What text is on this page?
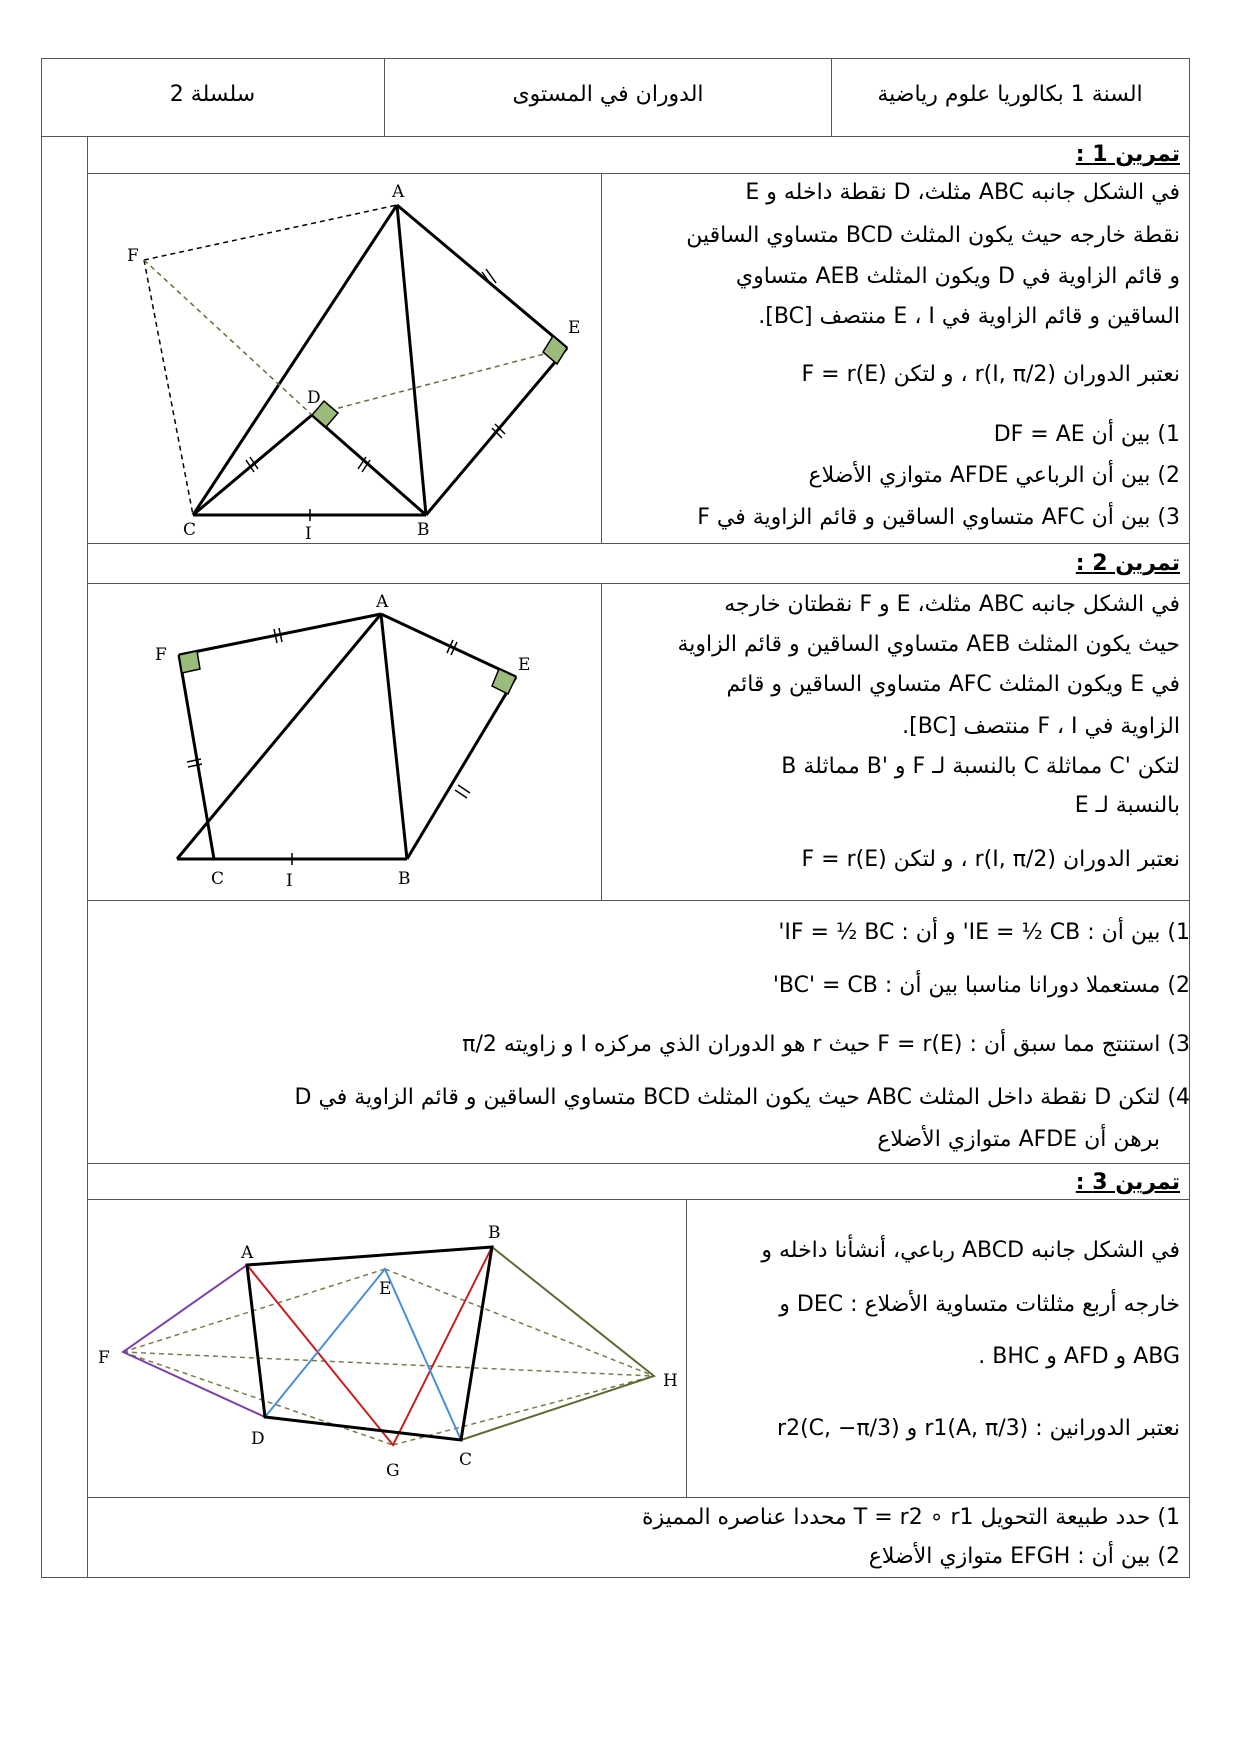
السنة 1 بكالوريا علوم رياضية
الدوران في المستوى
سلسلة 2
تمرين 1 :
في الشكل جانبه ABC مثلث، D نقطة داخله و E
نقطة خارجه حيث يكون المثلث BCD متساوي الساقين
و قائم الزاوية في D ويكون المثلث AEB متساوي
الساقين و قائم الزاوية في E ، I منتصف [BC].
نعتبر الدوران r(I, π/2) ، و لتكن F = r(E)
1) بين أن DF = AE
2) بين أن الرباعي AFDE متوازي الأضلاع
3) بين أن AFC متساوي الساقين و قائم الزاوية في F
A
F
E
D
C	I	B
تمرين 2 :
في الشكل جانبه ABC مثلث، E و F نقطتان خارجه
حيث يكون المثلث AEB متساوي الساقين و قائم الزاوية
في E ويكون المثلث AFC متساوي الساقين و قائم
الزاوية في F ، I منتصف [BC].
لتكن 'C مماثلة C بالنسبة لـ F و 'B مماثلة B
بالنسبة لـ E
نعتبر الدوران r(I, π/2) ، و لتكن F = r(E)
1) بين أن : IE = ½ CB' و أن : IF = ½ BC'
2) مستعملا دورانا مناسبا بين أن : BC' = CB'
3) استنتج مما سبق أن : F = r(E) حيث r هو الدوران الذي مركزه I و زاويته π/2
4) لتكن D نقطة داخل المثلث ABC حيث يكون المثلث BCD متساوي الساقين و قائم الزاوية في D
برهن أن AFDE متوازي الأضلاع
A
F	E
C	I	B
تمرين 3 :
في الشكل جانبه ABCD رباعي، أنشأنا داخله و
خارجه أربع مثلثات متساوية الأضلاع : DEC و
ABG و AFD و BHC .
نعتبر الدورانين : r1(A, π/3) و r2(C, −π/3)
1) حدد طبيعة التحويل T = r2 ∘ r1 محددا عناصره المميزة
2) بين أن : EFGH متوازي الأضلاع
A
B
E
F
H
D
C
G
